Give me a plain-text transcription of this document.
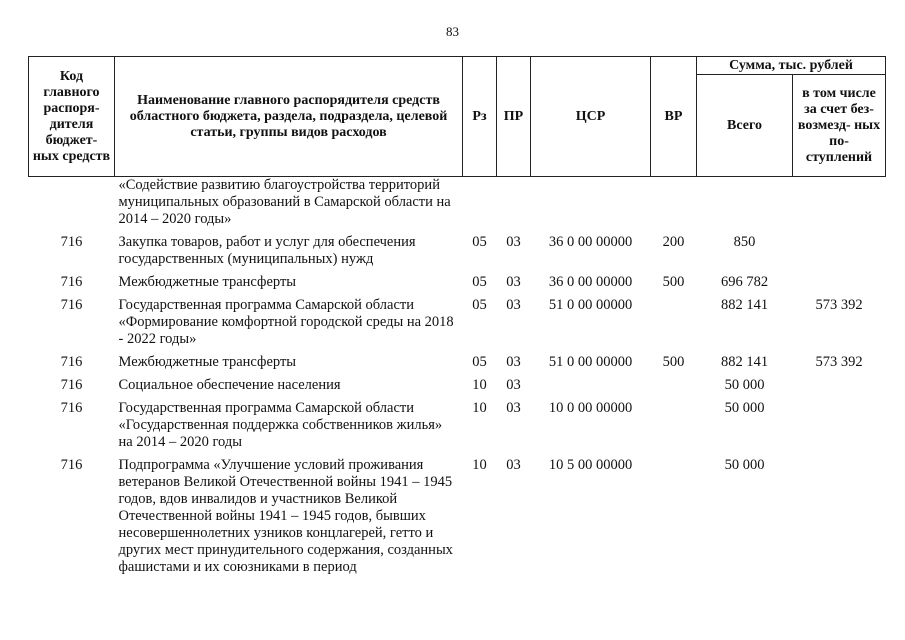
83
Код главного распоря- дителя бюджет- ных средств	Наименование главного распорядителя средств областного бюджета, раздела, подраздела, целевой статьи, группы видов расходов	Рз	ПР	ЦСР	ВР	Сумма, тыс. рублей	
						Всего	в том числе за счет без- возмезд- ных по- ступлений
	«Содействие развитию благоустройства территорий муниципальных образований в Самарской области на 2014 – 2020 годы»						
716	Закупка товаров, работ и услуг для обеспечения государственных (муниципальных) нужд	05	03	36 0 00 00000	200	850	
716	Межбюджетные трансферты	05	03	36 0 00 00000	500	696 782	
716	Государственная программа Самарской области «Формирование комфортной городской среды на 2018 - 2022 годы»	05	03	51 0 00 00000		882 141	573 392
716	Межбюджетные трансферты	05	03	51 0 00 00000	500	882 141	573 392
716	Социальное обеспечение населения	10	03			50 000	
716	Государственная программа Самарской области «Государственная поддержка собственников жилья» на 2014 – 2020 годы	10	03	10 0 00 00000		50 000	
716	Подпрограмма «Улучшение условий проживания ветеранов Великой Отечественной войны 1941 – 1945 годов, вдов инвалидов и участников Великой Отечественной войны 1941 – 1945 годов, бывших несовершеннолетних узников концлагерей, гетто и других мест принудительного содержания, созданных фашистами и их союзниками в период	10	03	10 5 00 00000		50 000	
